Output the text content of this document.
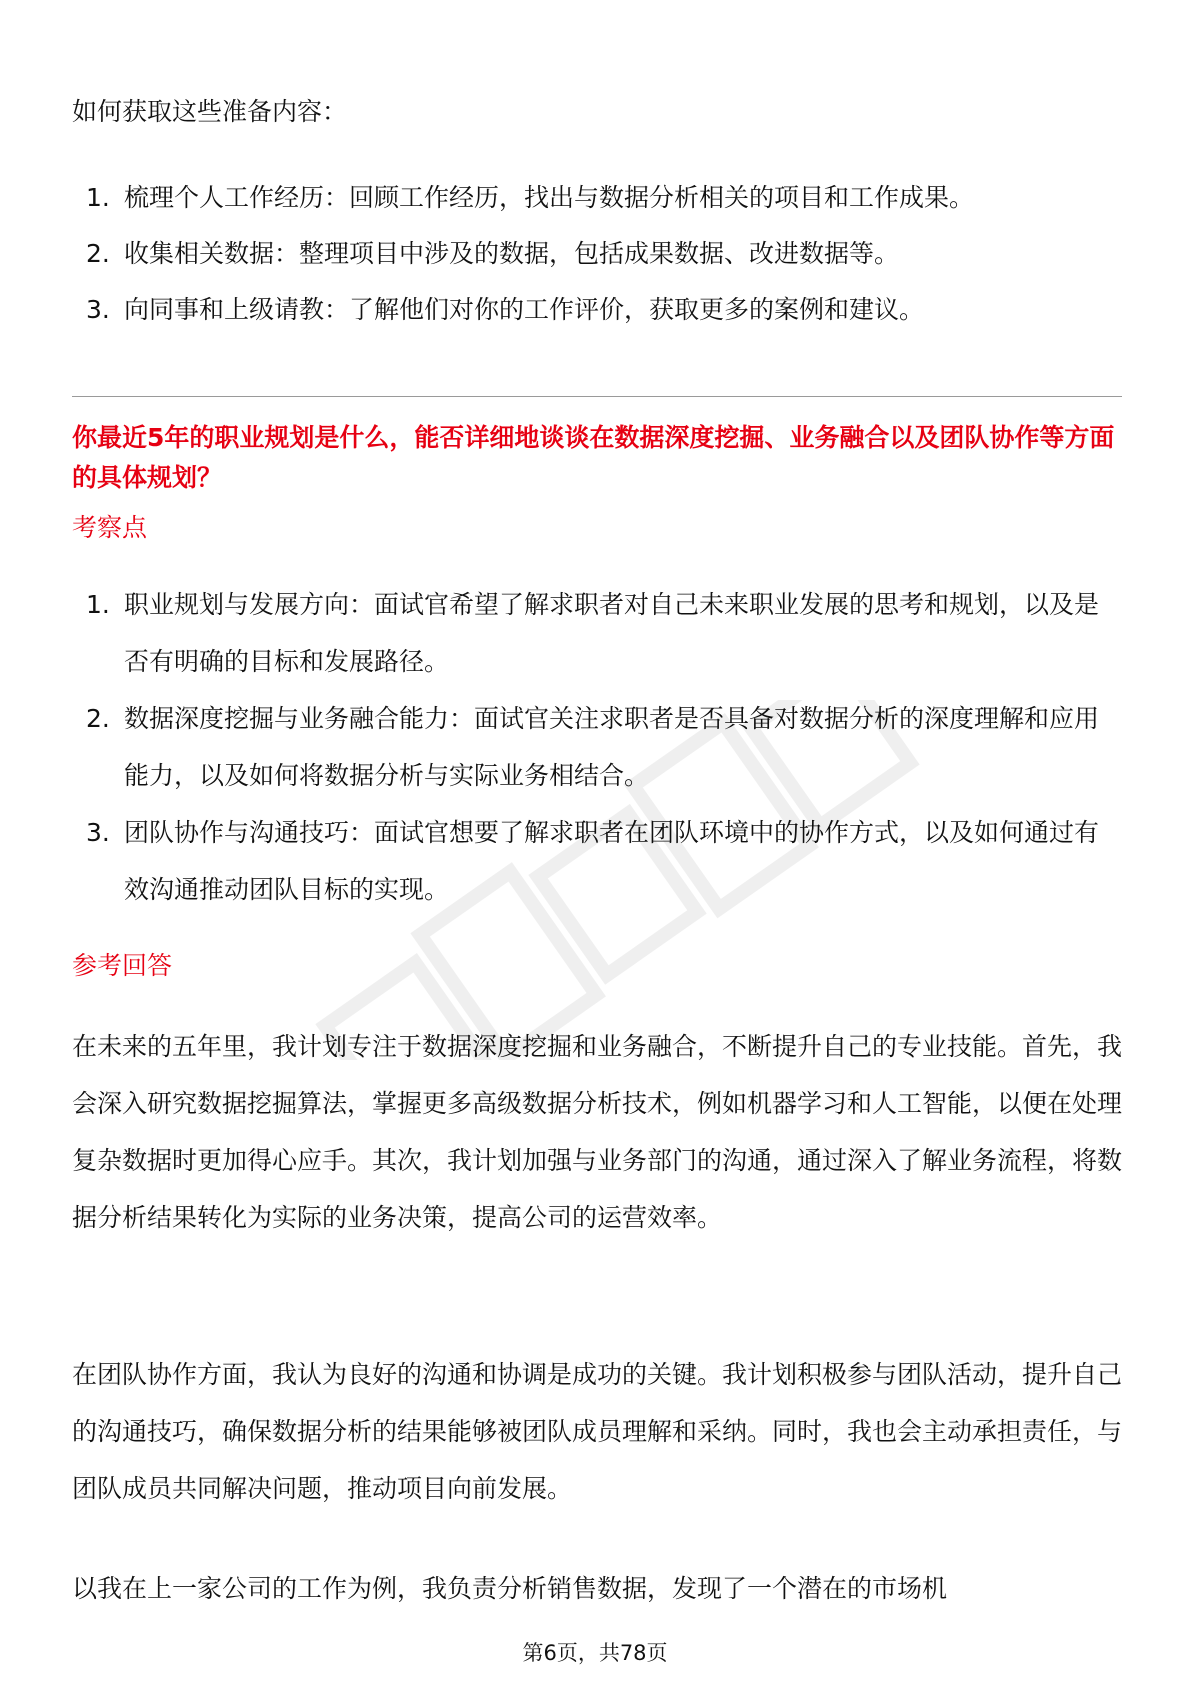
如何获取这些准备内容：

1. 梳理个人工作经历：回顾工作经历，找出与数据分析相关的项目和工作成果。
2. 收集相关数据：整理项目中涉及的数据，包括成果数据、改进数据等。
3. 向同事和上级请教：了解他们对你的工作评价，获取更多的案例和建议。
你最近5年的职业规划是什么，能否详细地谈谈在数据深度挖掘、业务融合以及团队协作等方面的具体规划？
考察点
1. 职业规划与发展方向：面试官希望了解求职者对自己未来职业发展的思考和规划，以及是否有明确的目标和发展路径。
2. 数据深度挖掘与业务融合能力：面试官关注求职者是否具备对数据分析的深度理解和应用能力，以及如何将数据分析与实际业务相结合。
3. 团队协作与沟通技巧：面试官想要了解求职者在团队环境中的协作方式，以及如何通过有效沟通推动团队目标的实现。
参考回答

在未来的五年里，我计划专注于数据深度挖掘和业务融合，不断提升自己的专业技能。首先，我会深入研究数据挖掘算法，掌握更多高级数据分析技术，例如机器学习和人工智能，以便在处理复杂数据时更加得心应手。其次，我计划加强与业务部门的沟通，通过深入了解业务流程，将数据分析结果转化为实际的业务决策，提高公司的运营效率。

在团队协作方面，我认为良好的沟通和协调是成功的关键。我计划积极参与团队活动，提升自己的沟通技巧，确保数据分析的结果能够被团队成员理解和采纳。同时，我也会主动承担责任，与团队成员共同解决问题，推动项目向前发展。

以我在上一家公司的工作为例，我负责分析销售数据，发现了一个潜在的市场机

第6页，共78页
